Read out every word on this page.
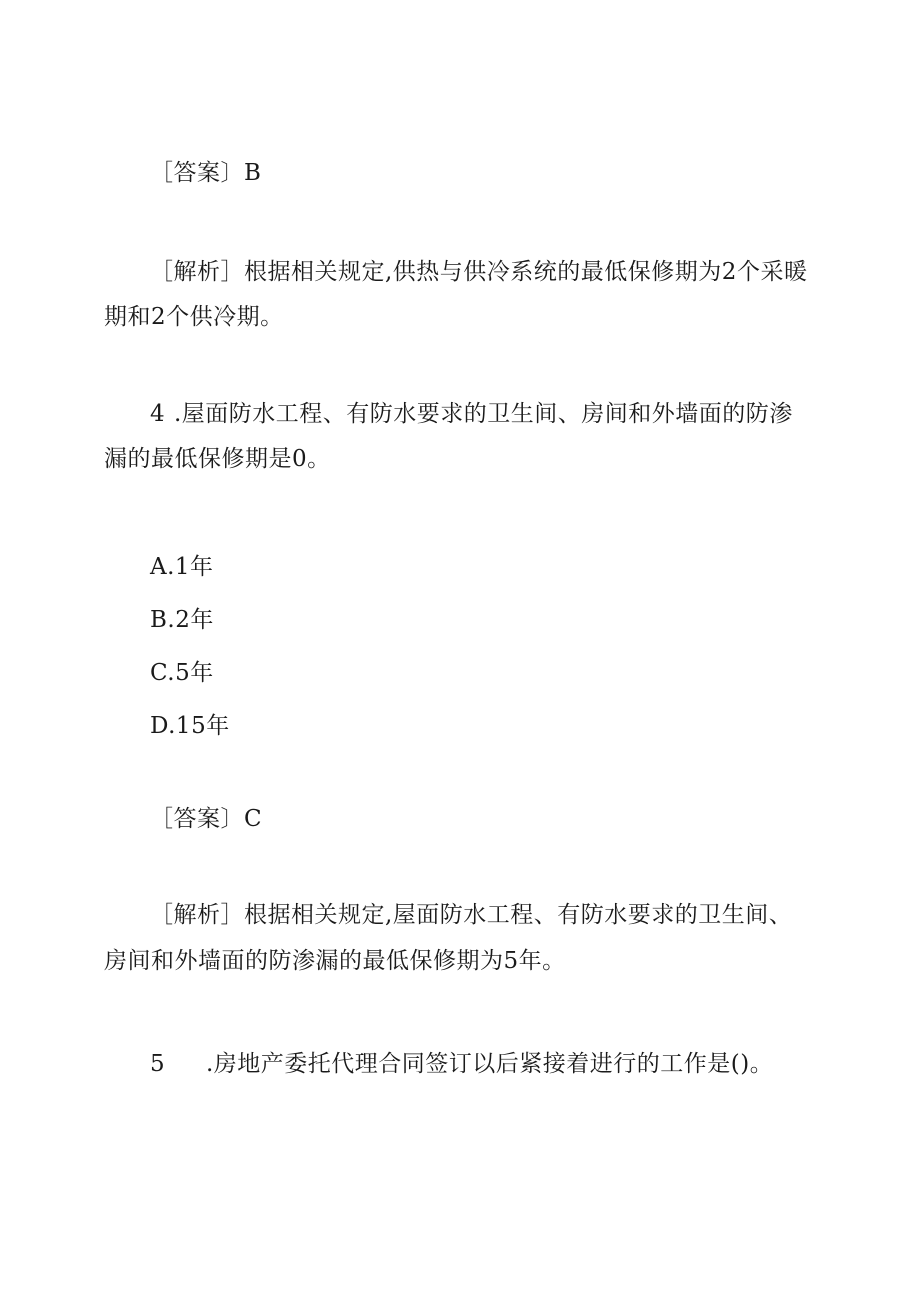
［答案〕B
［解析］根据相关规定,供热与供冷系统的最低保修期为2个采暖
期和2个供冷期。
4 .屋面防水工程、有防水要求的卫生间、房间和外墙面的防渗
漏的最低保修期是0。
A.1年
B.2年
C.5年
D.15年
［答案〕C
［解析］根据相关规定,屋面防水工程、有防水要求的卫生间、
房间和外墙面的防渗漏的最低保修期为5年。
5 .房地产委托代理合同签订以后紧接着进行的工作是()。
